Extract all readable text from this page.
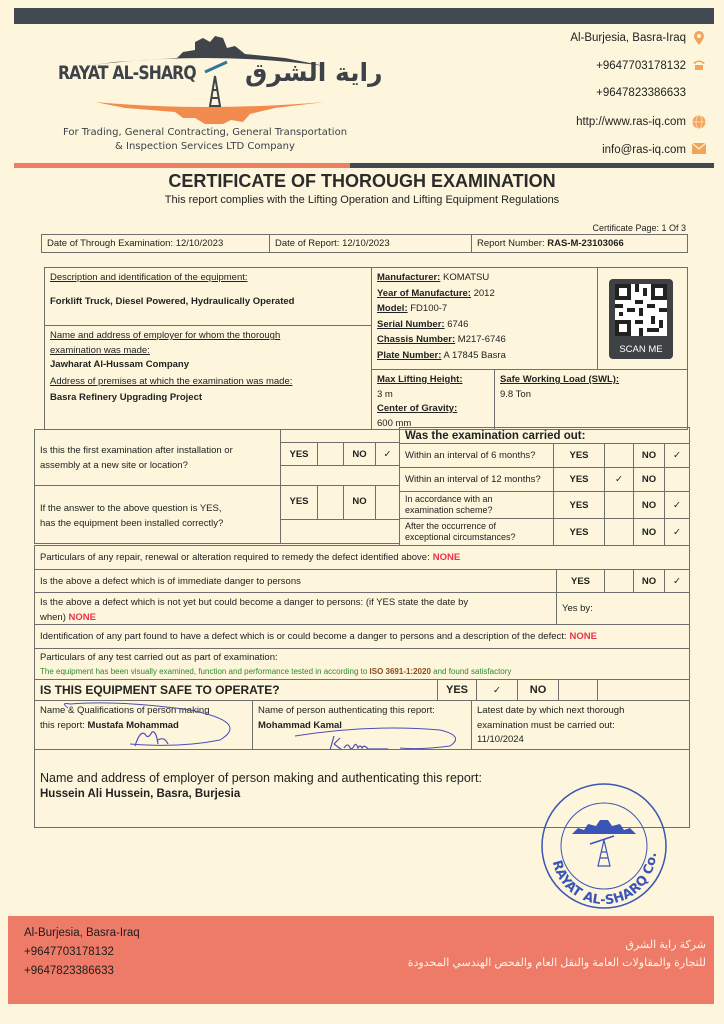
RAYAT AL-SHARQ راية الشرق
For Trading, General Contracting, General Transportation
& Inspection Services LTD Company
Al-Burjesia, Basra-Iraq
+9647703178132
+9647823386633
http://www.ras-iq.com
info@ras-iq.com
CERTIFICATE OF THOROUGH EXAMINATION
This report complies with the Lifting Operation and Lifting Equipment Regulations
Certificate Page: 1 Of 3
Date of Through Examination:
12/10/2023	Date of Report:
12/10/2023	Report Number:
RAS-M-23103066
Description and identification of the equipment:
Forklift Truck, Diesel Powered, Hydraulically Operated
Name and address of employer for whom the thorough
examination was made:
Jawharat Al-Hussam Company
Address of premises at which the examination was made:
Basra Refinery Upgrading Project
Manufacturer: KOMATSU
Year of Manufacture: 2012
Model: FD100-7
Serial Number: 6746
Chassis Number: M217-6746
Plate Number: A 17845 Basra	SCAN ME
Max Lifting Height:
3 m
Center of Gravity:
600 mm
Safe Working Load (SWL):
9.8 Ton
Is this the first examination after installation or
assembly at a new site or location?
YES	NO	✓
If the answer to the above question is YES,
has the equipment been installed correctly?
YES	NO
Was the examination carried out:
Within an interval of 6 months?	YES	NO	✓
Within an interval of 12 months?	YES	✓	NO
In accordance with an
examination scheme?	YES	NO	✓
After the occurrence of
exceptional circumstances?	YES	NO	✓
Particulars of any repair, renewal or alteration required to remedy the defect identified above: NONE
Is the above a defect which is of immediate danger to persons	YES	NO	✓
Is the above a defect which is not yet but could become a danger to persons: (if YES state the date by
when) NONE
Yes by:
Identification of any part found to have a defect which is or could become a danger to persons and a description of the defect: NONE
Particulars of any test carried out as part of examination:
The equipment has been visually examined, function and performance tested in according to ISO 3691-1:2020 and found satisfactory
IS THIS EQUIPMENT SAFE TO OPERATE?	YES	✓	NO
Name & Qualifications of person making
this report: Mustafa Mohammad
Name of person authenticating this report:
Mohammad Kamal
Latest date by which next thorough
examination must be carried out:
11/10/2024
Name and address of employer of person making and authenticating this report:
Hussein Ali Hussein, Basra, Burjesia
RAYAT AL-SHARQ Co.
Al-Burjesia, Basra-Iraq
+9647703178132
+9647823386633
شركة راية الشرق
للتجارة والمقاولات العامة والنقل العام والفحص الهندسي المحدودة
